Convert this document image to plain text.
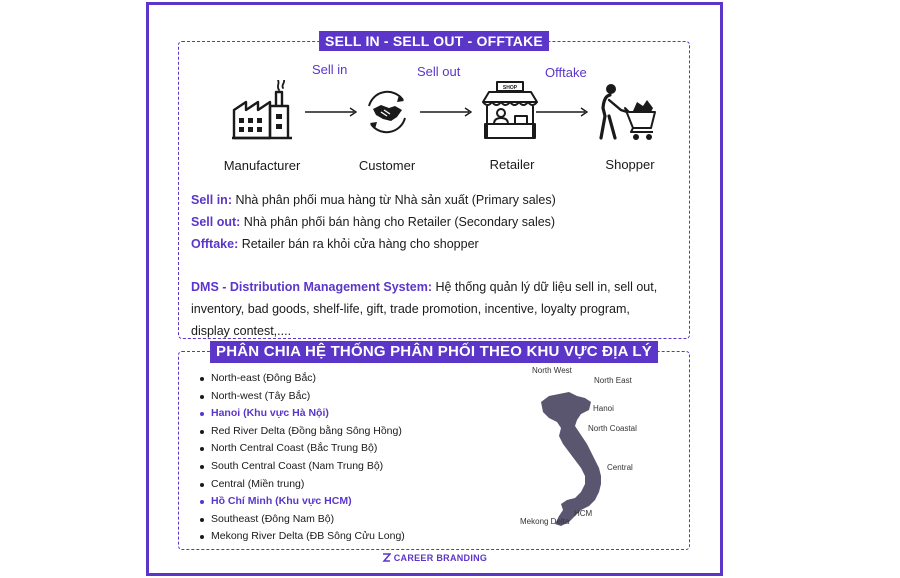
SELL IN - SELL OUT - OFFTAKE
Sell in	Sell out	Offtake
SHOP
Manufacturer	Customer	Retailer	Shopper
Sell in: Nhà phân phối mua hàng từ Nhà sản xuất (Primary sales)
Sell out: Nhà phân phối bán hàng cho Retailer (Secondary sales)
Offtake: Retailer bán ra khỏi cửa hàng cho shopper
DMS - Distribution Management System: Hệ thống quản lý dữ liệu sell in, sell out, inventory, bad goods, shelf-life, gift, trade promotion, incentive, loyalty program, display contest,....
PHÂN CHIA HỆ THỐNG PHÂN PHỐI THEO KHU VỰC ĐỊA LÝ
North-east (Đông Bắc)
North-west (Tây Bắc)
Hanoi (Khu vực Hà Nội)
Red River Delta (Đồng bằng Sông Hồng)
North Central Coast (Bắc Trung Bộ)
South Central Coast (Nam Trung Bộ)
Central (Miền trung)
Hồ Chí Minh (Khu vực HCM)
Southeast (Đông Nam Bộ)
Mekong River Delta (ĐB Sông Cửu Long)
North West
North East
Hanoi
North Coastal
Central
HCM
Mekong Delta
CAREER BRANDING
